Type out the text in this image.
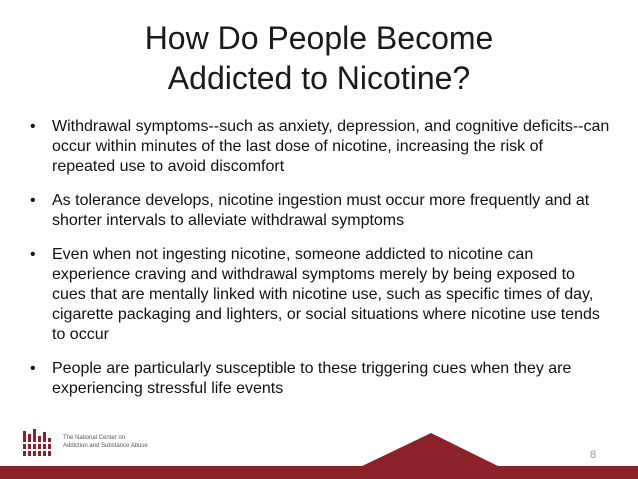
How Do People Become
Addicted to Nicotine?
• Withdrawal symptoms--such as anxiety, depression, and cognitive deficits--can occur within minutes of the last dose of nicotine, increasing the risk of repeated use to avoid discomfort
• As tolerance develops, nicotine ingestion must occur more frequently and at shorter intervals to alleviate withdrawal symptoms
• Even when not ingesting nicotine, someone addicted to nicotine can experience craving and withdrawal symptoms merely by being exposed to cues that are mentally linked with nicotine use, such as specific times of day, cigarette packaging and lighters, or social situations where nicotine use tends to occur
• People are particularly susceptible to these triggering cues when they are experiencing stressful life events
The National Center on
Addiction and Substance Abuse
8
